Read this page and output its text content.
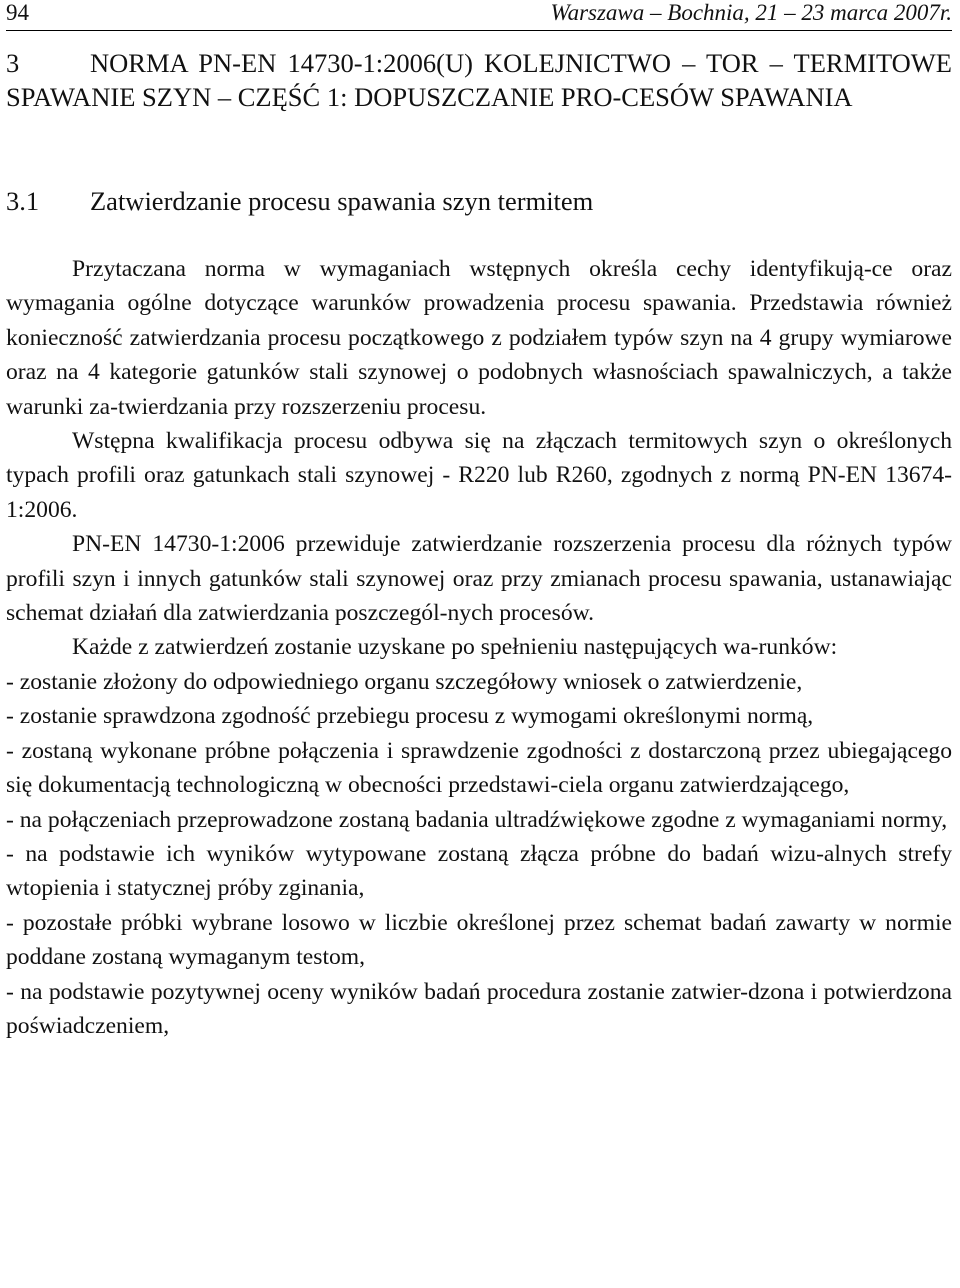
94	Warszawa – Bochnia, 21 – 23 marca 2007r.
3	NORMA PN-EN 14730-1:2006(U) KOLEJNICTWO – TOR – TERMITOWE SPAWANIE SZYN – CZĘŚĆ 1: DOPUSZCZANIE PRO-CESÓW SPAWANIA
3.1 Zatwierdzanie procesu spawania szyn termitem

Przytaczana norma w wymaganiach wstępnych określa cechy identyfikują-ce oraz wymagania ogólne dotyczące warunków prowadzenia procesu spawania. Przedstawia również konieczność zatwierdzania procesu początkowego z podziałem typów szyn na 4 grupy wymiarowe oraz na 4 kategorie gatunków stali szynowej o podobnych własnościach spawalniczych, a także warunki za-twierdzania przy rozszerzeniu procesu.

Wstępna kwalifikacja procesu odbywa się na złączach termitowych szyn o określonych typach profili oraz gatunkach stali szynowej - R220 lub R260, zgodnych z normą PN-EN 13674-1:2006.

PN-EN 14730-1:2006 przewiduje zatwierdzanie rozszerzenia procesu dla różnych typów profili szyn i innych gatunków stali szynowej oraz przy zmianach procesu spawania, ustanawiając schemat działań dla zatwierdzania poszczegól-nych procesów.

Każde z zatwierdzeń zostanie uzyskane po spełnieniu następujących wa-runków:

- zostanie złożony do odpowiedniego organu szczegółowy wniosek o zatwierdzenie,

- zostanie sprawdzona zgodność przebiegu procesu z wymogami określonymi normą,

- zostaną wykonane próbne połączenia i sprawdzenie zgodności z dostarczoną przez ubiegającego się dokumentacją technologiczną w obecności przedstawi-ciela organu zatwierdzającego,

- na połączeniach przeprowadzone zostaną badania ultradźwiękowe zgodne z wymaganiami normy,

- na podstawie ich wyników wytypowane zostaną złącza próbne do badań wizu-alnych strefy wtopienia i statycznej próby zginania,

- pozostałe próbki wybrane losowo w liczbie określonej przez schemat badań zawarty w normie poddane zostaną wymaganym testom,

- na podstawie pozytywnej oceny wyników badań procedura zostanie zatwier-dzona i potwierdzona poświadczeniem,
